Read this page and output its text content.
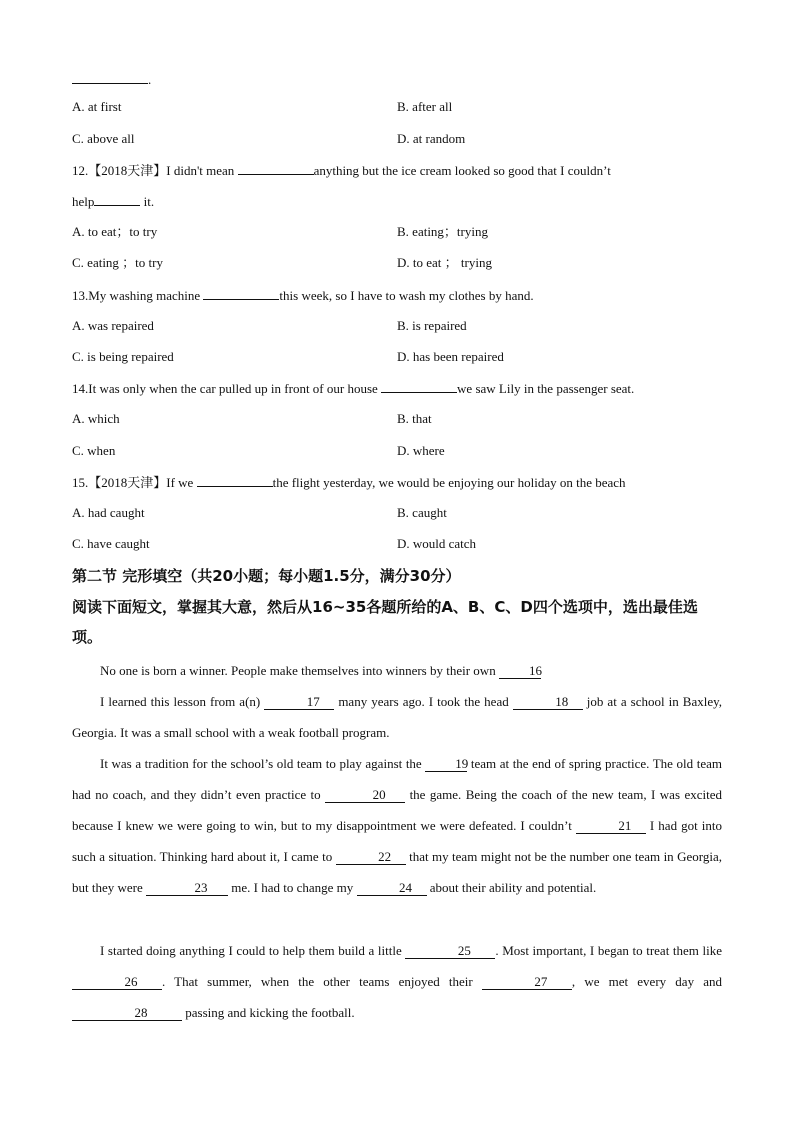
.
A. at first	B. after all
C. above all	D. at random
12.【2018天津】I didn't mean	anything but the ice cream looked so good that I couldn’t
help	it.
A. to eat；to try	B. eating；trying
C. eating ；to try	D. to eat ； trying
13.My washing machine	this week, so I have to wash my clothes by hand.
A. was repaired	B. is repaired
C. is being repaired	D. has been repaired
14.It was only when the car pulled up in front of our house	we saw Lily in the passenger seat.
A. which	B. that
C. when	D. where
15.【2018天津】If we	the flight yesterday, we would be enjoying our holiday on the beach
A. had caught	B. caught
C. have caught	D. would catch
第二节 完形填空（共20小题；每小题1.5分，满分30分）
阅读下面短文，掌握其大意，然后从16~35各题所给的A、B、C、D四个选项中，选出最佳选
项。
No one is born a winner. People make themselves into winners by their own 16
I learned this lesson from a(n)	17 many years ago. I took the head	18 job at a school in Baxley, Georgia. It was a small school with a weak football program.
It was a tradition for the school’s old team to play against the 19 team at the end of spring practice. The old team had no coach, and they didn’t even practice to	20 the game. Being the coach of the new team, I was excited because I knew we were going to win, but to my disappointment we were defeated. I couldn’t	21 I had got into such a situation. Thinking hard about it, I came to	22 that my team might not be the number one team in Georgia, but they were	23 me. I had to change my	24 about their ability and potential.
I started doing anything I could to help them build a little	25 . Most important, I began to treat them like 26 . That summer, when the other teams enjoyed their	27 , we met every day and 28	passing and kicking the football.
